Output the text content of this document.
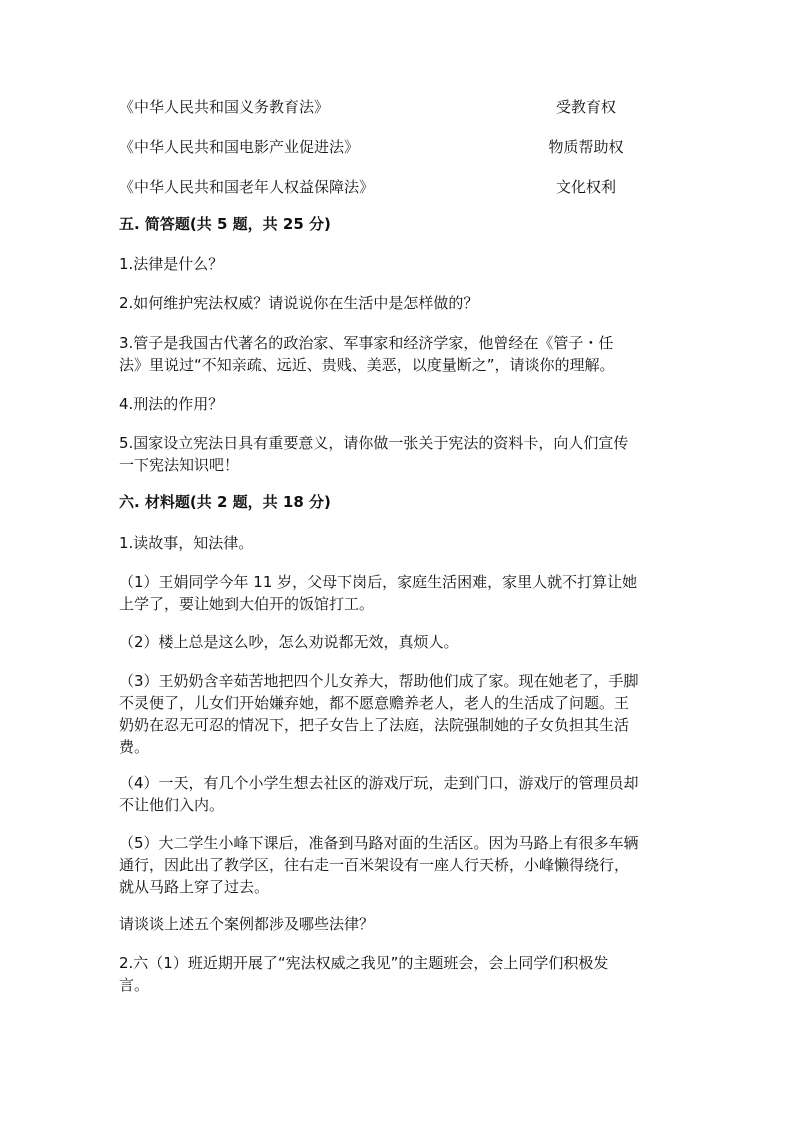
《中华人民共和国义务教育法》	受教育权
《中华人民共和国电影产业促进法》	物质帮助权
《中华人民共和国老年人权益保障法》	文化权利
五. 简答题(共 5 题，共 25 分)
1.法律是什么？
2.如何维护宪法权威？请说说你在生活中是怎样做的？
3.管子是我国古代著名的政治家、军事家和经济学家，他曾经在《管子・任
法》里说过“不知亲疏、远近、贵贱、美恶，以度量断之”，请谈你的理解。
4.刑法的作用？
5.国家设立宪法日具有重要意义，请你做一张关于宪法的资料卡，向人们宣传
一下宪法知识吧！
六. 材料题(共 2 题，共 18 分)
1.读故事，知法律。
（1）王娟同学今年 11 岁，父母下岗后，家庭生活困难，家里人就不打算让她
上学了，要让她到大伯开的饭馆打工。
（2）楼上总是这么吵，怎么劝说都无效，真烦人。
（3）王奶奶含辛茹苦地把四个儿女养大，帮助他们成了家。现在她老了，手脚
不灵便了，儿女们开始嫌弃她，都不愿意赡养老人，老人的生活成了问题。王
奶奶在忍无可忍的情况下，把子女告上了法庭，法院强制她的子女负担其生活
费。
（4）一天，有几个小学生想去社区的游戏厅玩，走到门口，游戏厅的管理员却
不让他们入内。
（5）大二学生小峰下课后，准备到马路对面的生活区。因为马路上有很多车辆
通行，因此出了教学区，往右走一百米架设有一座人行天桥，小峰懒得绕行，
就从马路上穿了过去。
请谈谈上述五个案例都涉及哪些法律？
2.六（1）班近期开展了“宪法权威之我见”的主题班会，会上同学们积极发
言。
